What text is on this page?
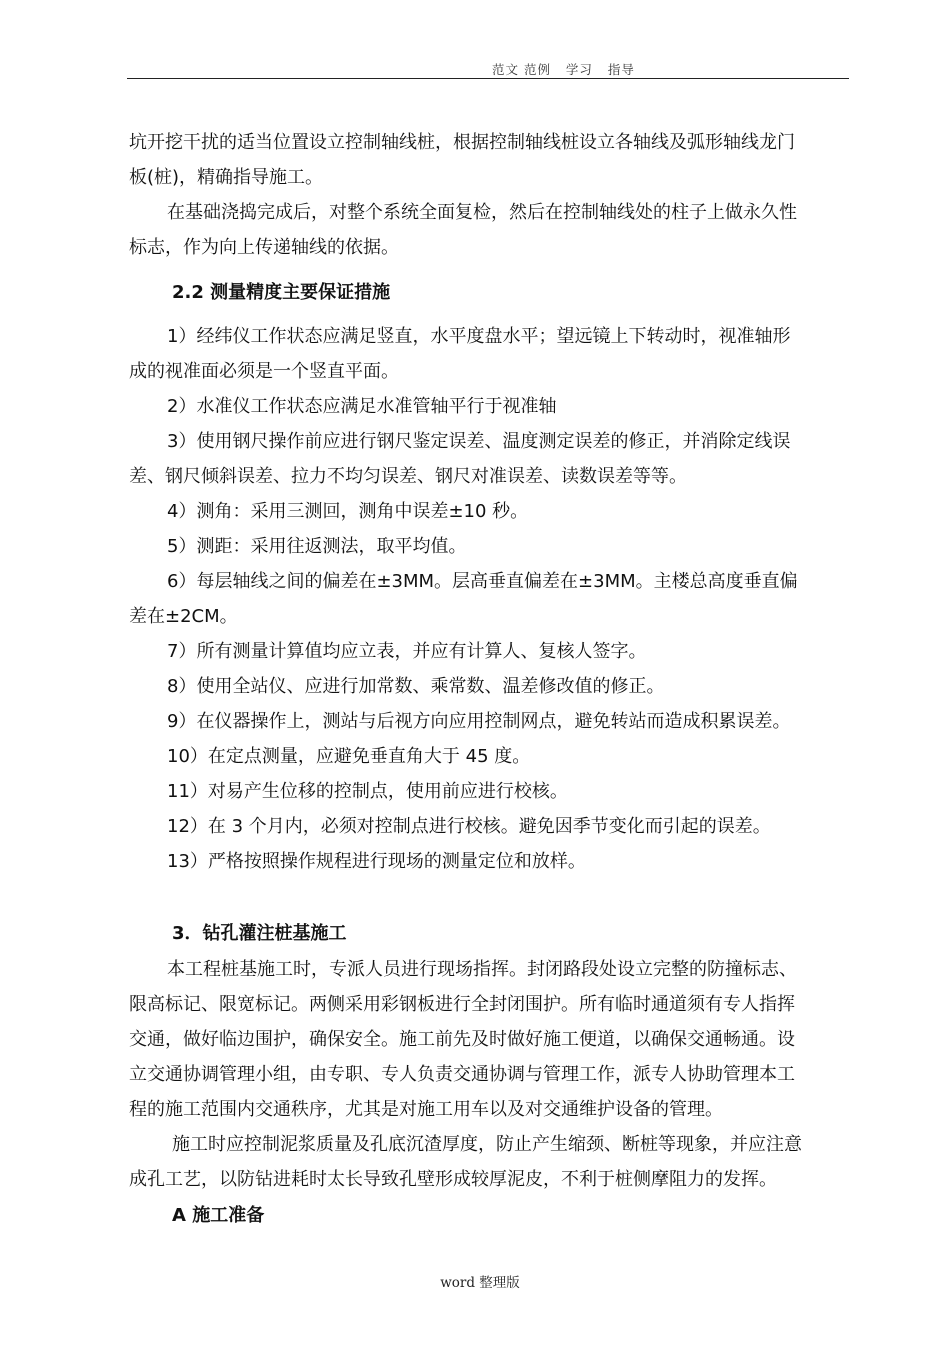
范文 范例   学习   指导
坑开挖干扰的适当位置设立控制轴线桩，根据控制轴线桩设立各轴线及弧形轴线龙门
板(桩)，精确指导施工。
在基础浇捣完成后，对整个系统全面复检，然后在控制轴线处的柱子上做永久性
标志，作为向上传递轴线的依据。
2.2 测量精度主要保证措施
1）经纬仪工作状态应满足竖直，水平度盘水平；望远镜上下转动时，视准轴形
成的视准面必须是一个竖直平面。
2）水准仪工作状态应满足水准管轴平行于视准轴
3）使用钢尺操作前应进行钢尺鉴定误差、温度测定误差的修正，并消除定线误
差、钢尺倾斜误差、拉力不均匀误差、钢尺对准误差、读数误差等等。
4）测角：采用三测回，测角中误差±10 秒。
5）测距：采用往返测法，取平均值。
6）每层轴线之间的偏差在±3MM。层高垂直偏差在±3MM。主楼总高度垂直偏
差在±2CM。
7）所有测量计算值均应立表，并应有计算人、复核人签字。
8）使用全站仪、应进行加常数、乘常数、温差修改值的修正。
9）在仪器操作上，测站与后视方向应用控制网点，避免转站而造成积累误差。
10）在定点测量，应避免垂直角大于 45 度。
11）对易产生位移的控制点，使用前应进行校核。
12）在 3 个月内，必须对控制点进行校核。避免因季节变化而引起的误差。
13）严格按照操作规程进行现场的测量定位和放样。
3．钻孔灌注桩基施工
本工程桩基施工时，专派人员进行现场指挥。封闭路段处设立完整的防撞标志、
限高标记、限宽标记。两侧采用彩钢板进行全封闭围护。所有临时通道须有专人指挥
交通，做好临边围护，确保安全。施工前先及时做好施工便道，以确保交通畅通。设
立交通协调管理小组，由专职、专人负责交通协调与管理工作，派专人协助管理本工
程的施工范围内交通秩序，尤其是对施工用车以及对交通维护设备的管理。
施工时应控制泥浆质量及孔底沉渣厚度，防止产生缩颈、断桩等现象，并应注意
成孔工艺，以防钻进耗时太长导致孔壁形成较厚泥皮，不利于桩侧摩阻力的发挥。
A 施工准备
word 整理版
